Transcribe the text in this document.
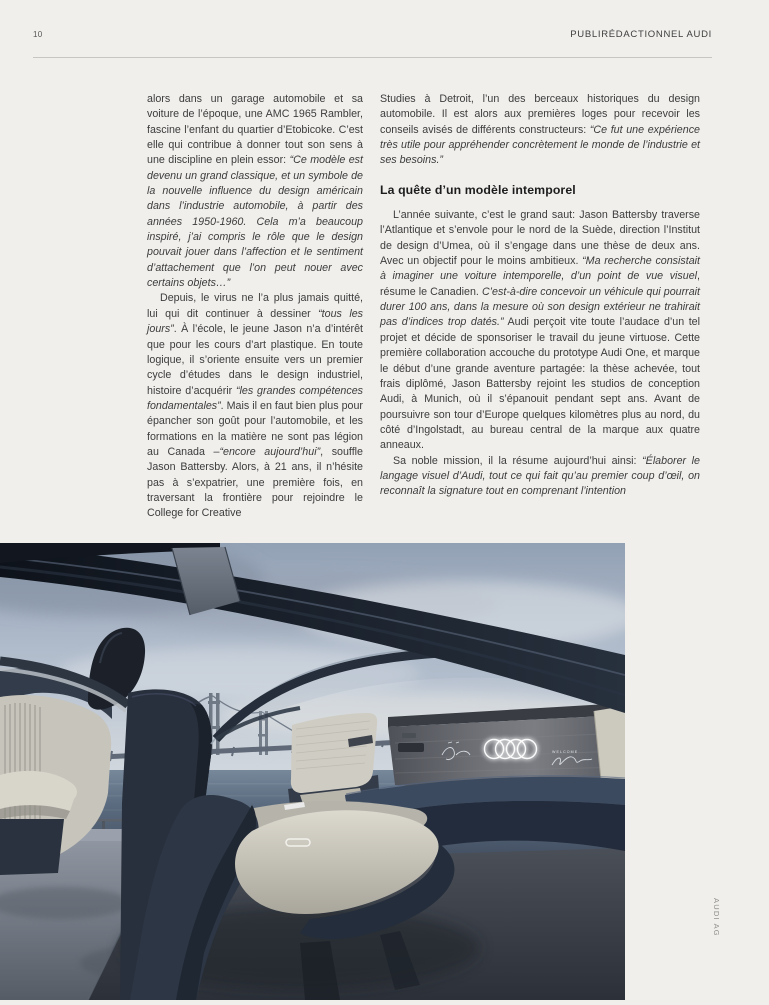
10	PUBLIRÉDACTIONNEL AUDI

alors dans un garage automobile et sa voiture de l’époque, une AMC 1965 Rambler, fascine l’enfant du quartier d’Etobicoke. C’est elle qui contribue à donner tout son sens à une discipline en plein essor: “Ce modèle est devenu un grand classique, et un symbole de la nouvelle influence du design américain dans l’industrie automobile, à partir des années 1950-1960. Cela m’a beaucoup inspiré, j’ai compris le rôle que le design pouvait jouer dans l’affection et le sentiment d’attachement que l’on peut nouer avec certains objets…”

Depuis, le virus ne l’a plus jamais quitté, lui qui dit continuer à dessiner “tous les jours”. À l’école, le jeune Jason n’a d’intérêt que pour les cours d’art plastique. En toute logique, il s’oriente ensuite vers un premier cycle d’études dans le design industriel, histoire d’acquérir “les grandes compétences fondamentales”. Mais il en faut bien plus pour épancher son goût pour l’automobile, et les formations en la matière ne sont pas légion au Canada –“encore aujourd’hui”, souffle Jason Battersby. Alors, à 21 ans, il n’hésite pas à s’expatrier, une première fois, en traversant la frontière pour rejoindre le College for Creative

Studies à Detroit, l’un des berceaux historiques du design automobile. Il est alors aux premières loges pour recevoir les conseils avisés de différents constructeurs: “Ce fut une expérience très utile pour appréhender concrètement le monde de l’industrie et ses besoins.”

La quête d’un modèle intemporel

L’année suivante, c’est le grand saut: Jason Battersby traverse l’Atlantique et s’envole pour le nord de la Suède, direction l’Institut de design d’Umea, où il s’engage dans une thèse de deux ans. Avec un objectif pour le moins ambitieux. “Ma recherche consistait à imaginer une voiture intemporelle, d’un point de vue visuel, résume le Canadien. C’est-à-dire concevoir un véhicule qui pourrait durer 100 ans, dans la mesure où son design extérieur ne trahirait pas d’indices trop datés.” Audi perçoit vite toute l’audace d’un tel projet et décide de sponsoriser le travail du jeune virtuose. Cette première collaboration accouche du prototype Audi One, et marque le début d’une grande aventure partagée: la thèse achevée, tout frais diplômé, Jason Battersby rejoint les studios de conception Audi, à Munich, où il s’épanouit pendant sept ans. Avant de poursuivre son tour d’Europe quelques kilomètres plus au nord, du côté d’Ingolstadt, au bureau central de la marque aux quatre anneaux.

Sa noble mission, il la résume aujourd’hui ainsi: “Élaborer le langage visuel d’Audi, tout ce qui fait qu’au premier coup d’œil, on reconnaît la signature tout en comprenant l’intention

WELCOME
AUDI AG
